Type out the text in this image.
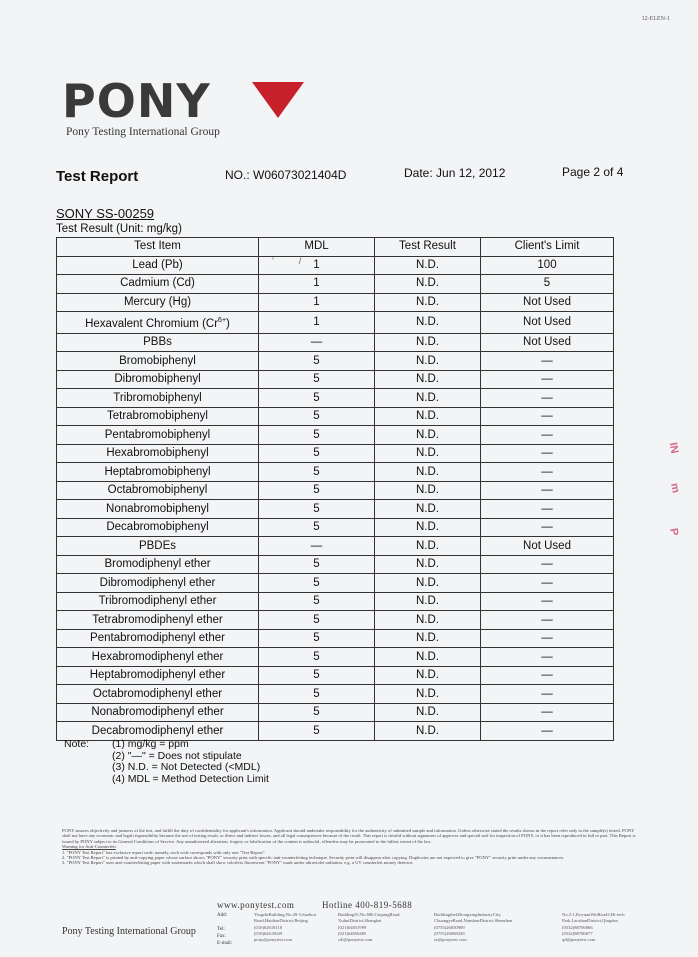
12-ELEN-1
PONY
Pony Testing International Group
Test Report	NO.: W06073021404D	Date: Jun 12, 2012	Page 2 of 4
SONY SS-00259
Test Result (Unit: mg/kg)
Test Item	MDL	Test Result	Client's Limit
Lead (Pb)	1	N.D.	100
Cadmium (Cd)	1	N.D.	5
Mercury (Hg)	1	N.D.	Not Used
Hexavalent Chromium $(Cr^{6+})$	1	N.D.	Not Used
PBBs	—	N.D.	Not Used
Bromobiphenyl	5	N.D.	—
Dibromobiphenyl	5	N.D.	—
Tribromobiphenyl	5	N.D.	—
Tetrabromobiphenyl	5	N.D.	—
Pentabromobiphenyl	5	N.D.	—
Hexabromobiphenyl	5	N.D.	—
Heptabromobiphenyl	5	N.D.	—
Octabromobiphenyl	5	N.D.	—
Nonabromobiphenyl	5	N.D.	—
Decabromobiphenyl	5	N.D.	—
PBDEs	—	N.D.	Not Used
Bromodiphenyl ether	5	N.D.	—
Dibromodiphenyl ether	5	N.D.	—
Tribromodiphenyl ether	5	N.D.	—
Tetrabromodiphenyl ether	5	N.D.	—
Pentabromodiphenyl ether	5	N.D.	—
Hexabromodiphenyl ether	5	N.D.	—
Heptabromodiphenyl ether	5	N.D.	—
Octabromodiphenyl ether	5	N.D.	—
Nonabromodiphenyl ether	5	N.D.	—
Decabromodiphenyl ether	5	N.D.	—
'          /
Note: (1) mg/kg = ppm
(2) "—" = Does not stipulate
(3) N.D. = Not Detected (<MDL)
(4) MDL = Method Detection Limit
PONY assures objectivity and justness of the test, and fulfill the duty of confidentiality for applicant's information. Applicant should undertake responsibility for the authenticity of submitted sample and information. Unless otherwise stated the results shown in the report refer only to the sample(s) tested. PONY shall not have any economic and legal responsibility because the use of testing result, or direct and indirect losses, and all legal consequences because of the result. This report is invalid without signatures of approver and special seal for inspection of PONY, or it has been reproduced in full or part. This Report is issued by PONY subject to its General Conditions of Service. Any unauthorized alteration, forgery or falsification of the content is unlawful, offenders may be prosecuted to the fullest extent of the law.
Warning for Anti-Counterfeit
1. "PONY Test Report" has exclusive report code, namely, each code corresponds with only one "Test Report".
2. "PONY Test Report" is printed by anti-copying paper whose surface shows "PONY" security print with specific anti-counterfeiting technique. Security print will disappear after copying. Duplicates are not expected to give "PONY" security print under any circumstances.
3. "PONY Test Report" uses anti-counterfeiting paper with watermarks which shall show colorless fluorescent "PONY" mark under ultraviolet radiation, e.g. a UV counterfeit money detector.
Pony Testing International Group
www.ponytest.com	Hotline 400-819-5688
Add:
Tel:
Fax:
E-mail:
YingzhiBuilding,No.49-3,Suzhou Road,HaidianDistrict,Beijing
(010)62618118
(010)62619629
pony@ponytest.com
Building35,No.680,GuipingRoad, XuhuiDistrict,Shanghai
(021)64851999
(021)64856485
cdi@ponytest.com
BuildingthefZhongxingIndustryCity, ChuangyeRoad,NanshanDistrict,Shenzhen
(0755)26050909
(0755)26068336
sz@ponytest.com
No.2-1,KeyuanWeiRoad3,Hi-tech Park,LaoshanDistrict,Qingdao
(0532)88706866
(0532)88706877
qd@ponytest.com
IN
m
P
